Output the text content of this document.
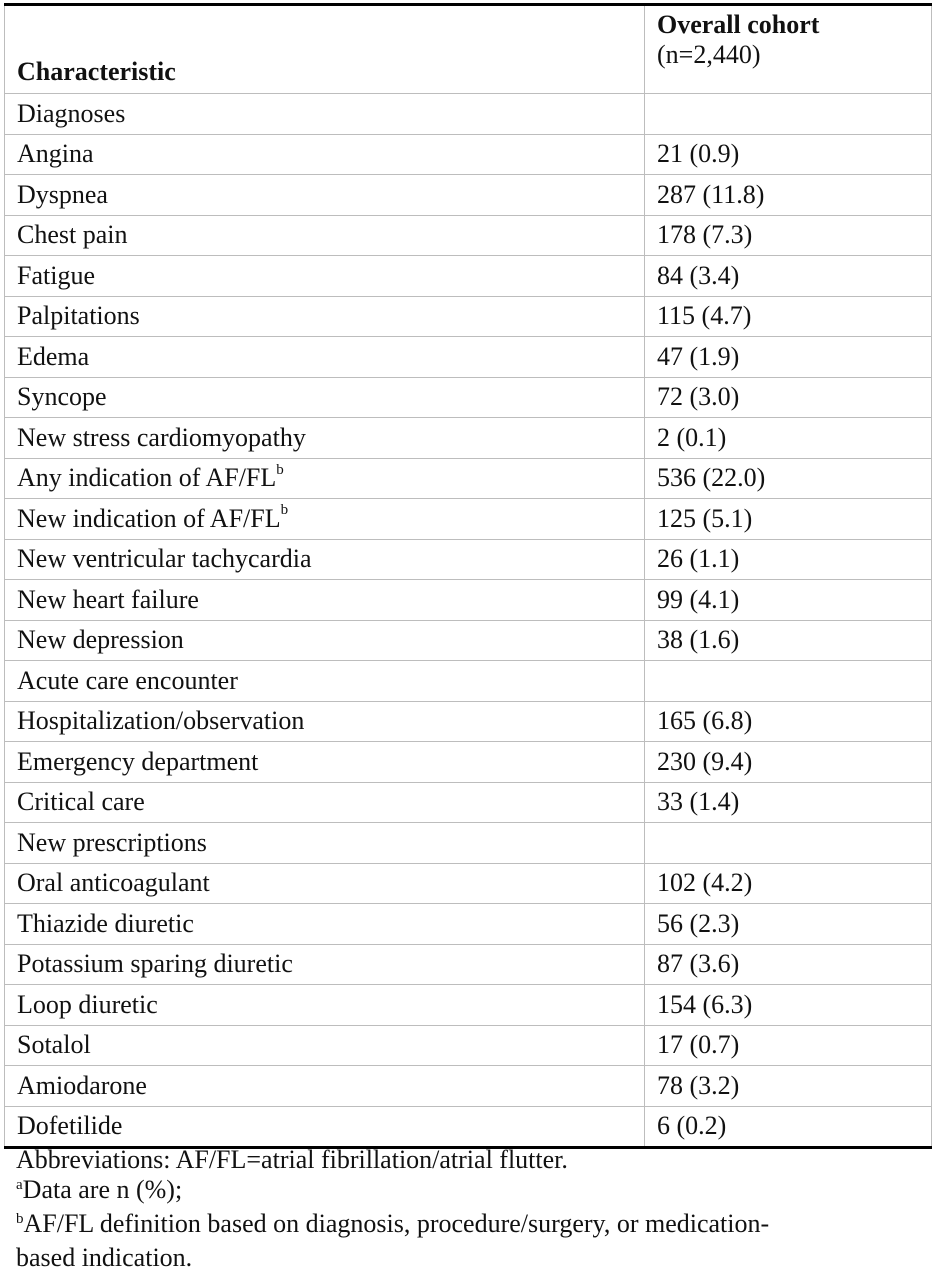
Characteristic	Overall cohort
(n=2,440)

Diagnoses	
Angina	21 (0.9)
Dyspnea	287 (11.8)
Chest pain	178 (7.3)
Fatigue	84 (3.4)
Palpitations	115 (4.7)
Edema	47 (1.9)
Syncope	72 (3.0)
New stress cardiomyopathy	2 (0.1)
Any indication of $AF/FL^b$	536 (22.0)
New indication of $AF/FL^b$	125 (5.1)
New ventricular tachycardia	26 (1.1)
New heart failure	99 (4.1)
New depression	38 (1.6)
Acute care encounter	
Hospitalization/observation	165 (6.8)
Emergency department	230 (9.4)
Critical care	33 (1.4)
New prescriptions	
Oral anticoagulant	102 (4.2)
Thiazide diuretic	56 (2.3)
Potassium sparing diuretic	87 (3.6)
Loop diuretic	154 (6.3)
Sotalol	17 (0.7)
Amiodarone	78 (3.2)
Dofetilide	6 (0.2)

Abbreviations: AF/FL=atrial fibrillation/atrial flutter.

$^a$Data are n (%);

$^b$AF/FL definition based on diagnosis, procedure/surgery, or medication-

based indication.
